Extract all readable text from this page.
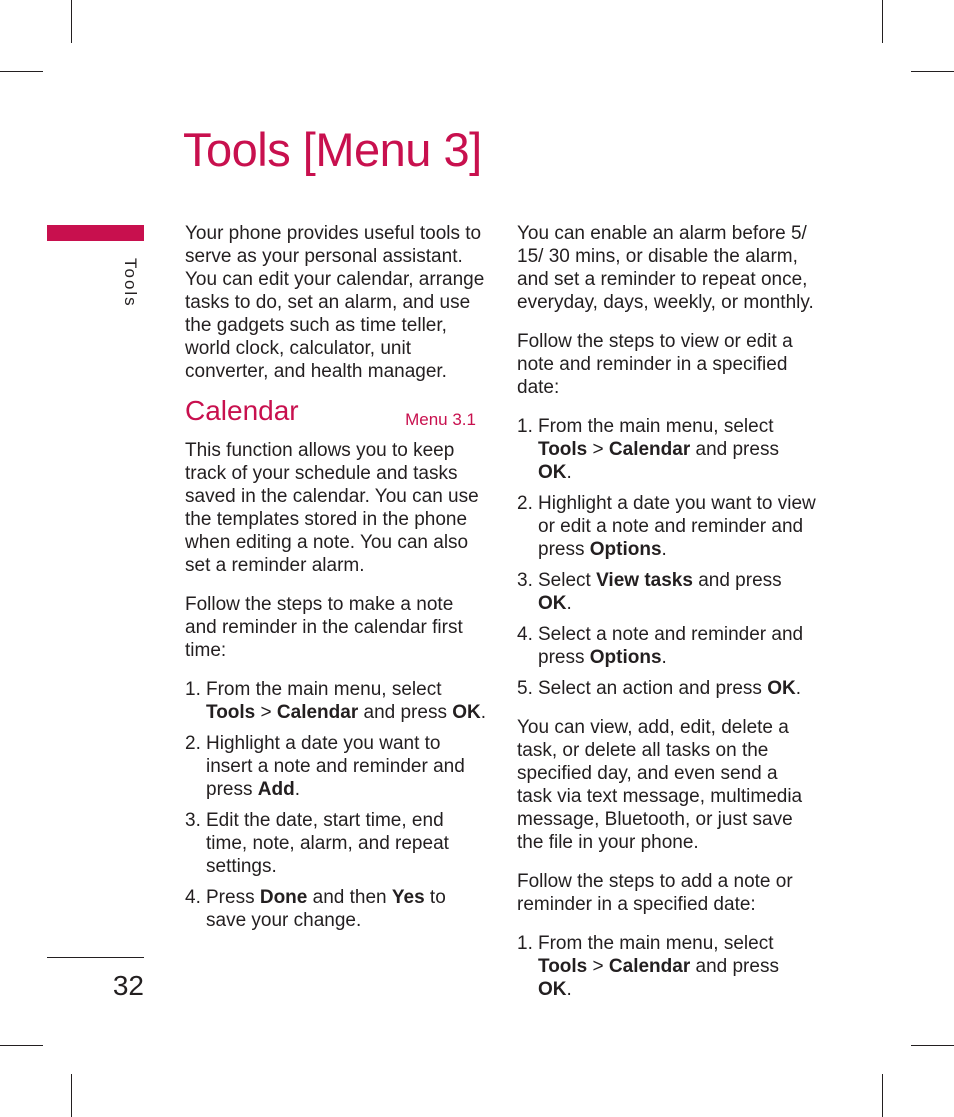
Tools [Menu 3]
Tools
32

Your phone provides useful tools to serve as your personal assistant. You can edit your calendar, arrange tasks to do, set an alarm, and use the gadgets such as time teller, world clock, calculator, unit converter, and health manager.

Calendar	Menu 3.1

This function allows you to keep track of your schedule and tasks saved in the calendar. You can use the templates stored in the phone when editing a note. You can also set a reminder alarm.

Follow the steps to make a note and reminder in the calendar first time:

1. From the main menu, select Tools > Calendar and press OK.
2. Highlight a date you want to insert a note and reminder and press Add.
3. Edit the date, start time, end time, note, alarm, and repeat settings.
4. Press Done and then Yes to save your change.

You can enable an alarm before 5/ 15/ 30 mins, or disable the alarm, and set a reminder to repeat once, everyday, days, weekly, or monthly.

Follow the steps to view or edit a note and reminder in a specified date:

1. From the main menu, select Tools > Calendar and press OK.
2. Highlight a date you want to view or edit a note and reminder and press Options.
3. Select View tasks and press OK.
4. Select a note and reminder and press Options.
5. Select an action and press OK.

You can view, add, edit, delete a task, or delete all tasks on the specified day, and even send a task via text message, multimedia message, Bluetooth, or just save the file in your phone.

Follow the steps to add a note or reminder in a specified date:

1. From the main menu, select Tools > Calendar and press OK.
